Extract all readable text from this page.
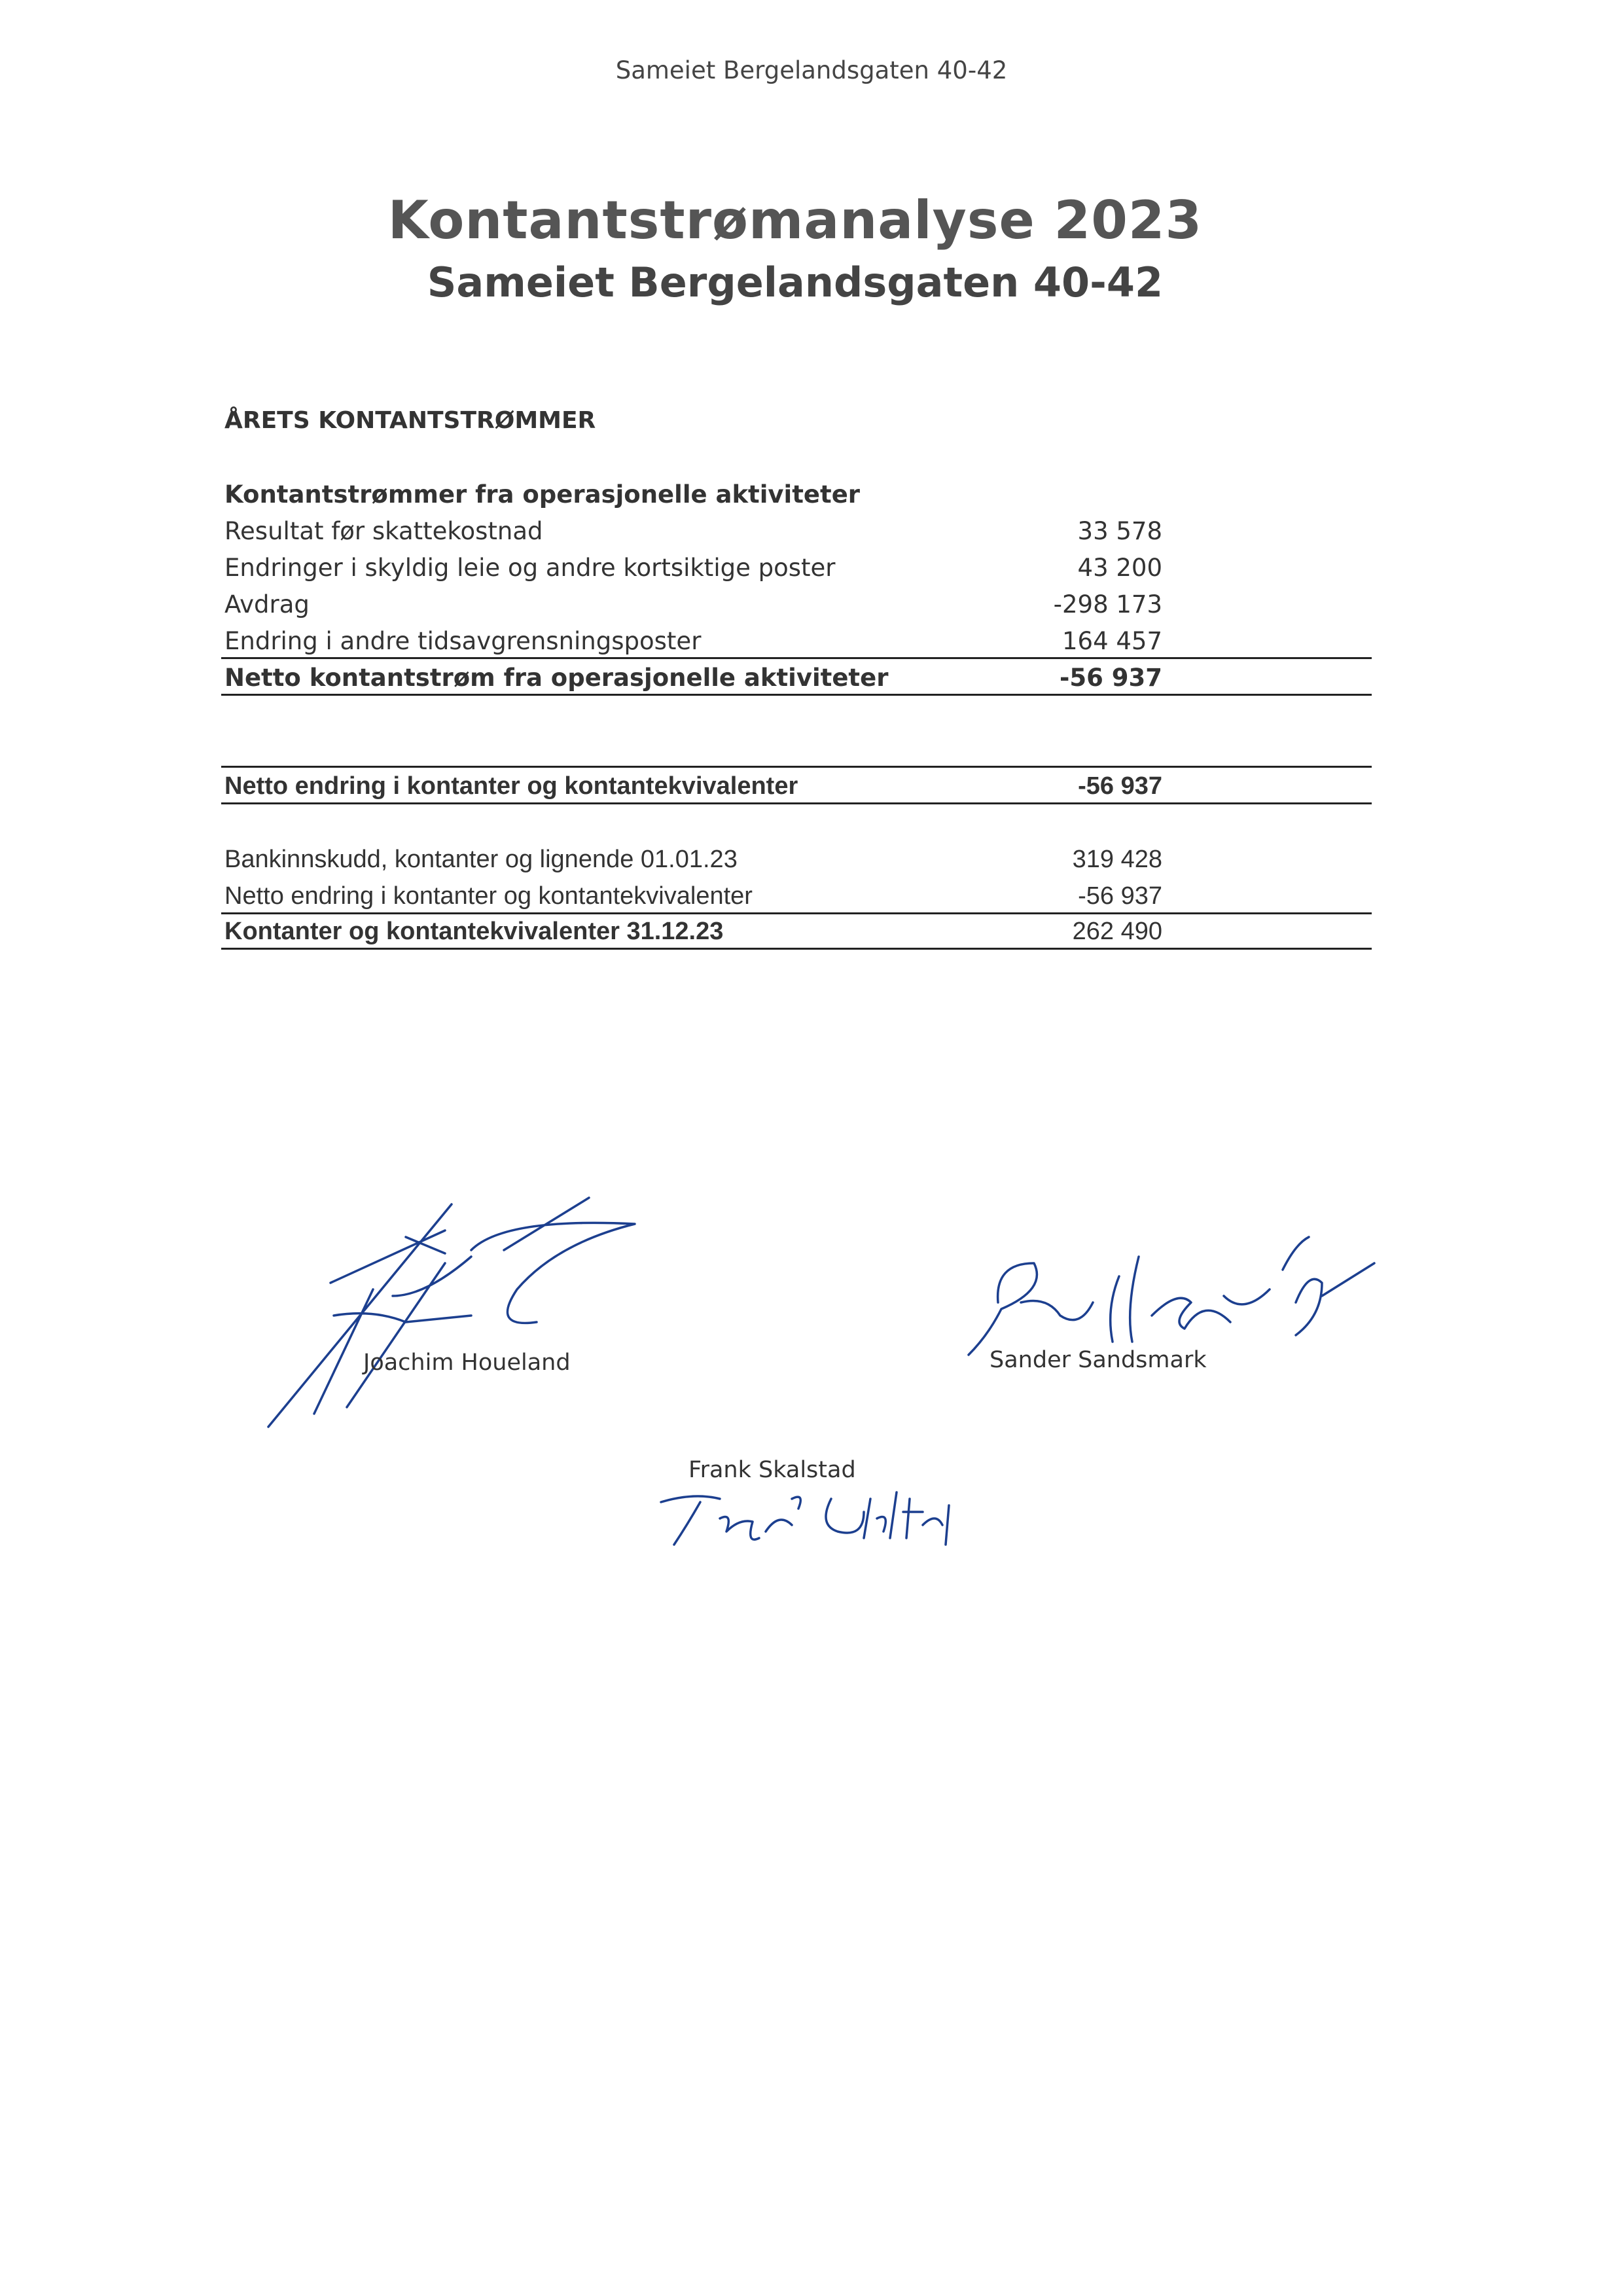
Sameiet Bergelandsgaten 40-42
Kontantstrømanalyse 2023
Sameiet Bergelandsgaten 40-42
ÅRETS KONTANTSTRØMMER
Kontantstrømmer fra operasjonelle aktiviteter
Resultat før skattekostnad	33 578
Endringer i skyldig leie og andre kortsiktige poster	43 200
Avdrag	-298 173
Endring i andre tidsavgrensningsposter	164 457
Netto kontantstrøm fra operasjonelle aktiviteter	-56 937
Netto endring i kontanter og kontantekvivalenter	-56 937
Bankinnskudd, kontanter og lignende 01.01.23	319 428
Netto endring i kontanter og kontantekvivalenter	-56 937
Kontanter og kontantekvivalenter 31.12.23	262 490
Joachim Houeland	Sander Sandsmark
Frank Skalstad
